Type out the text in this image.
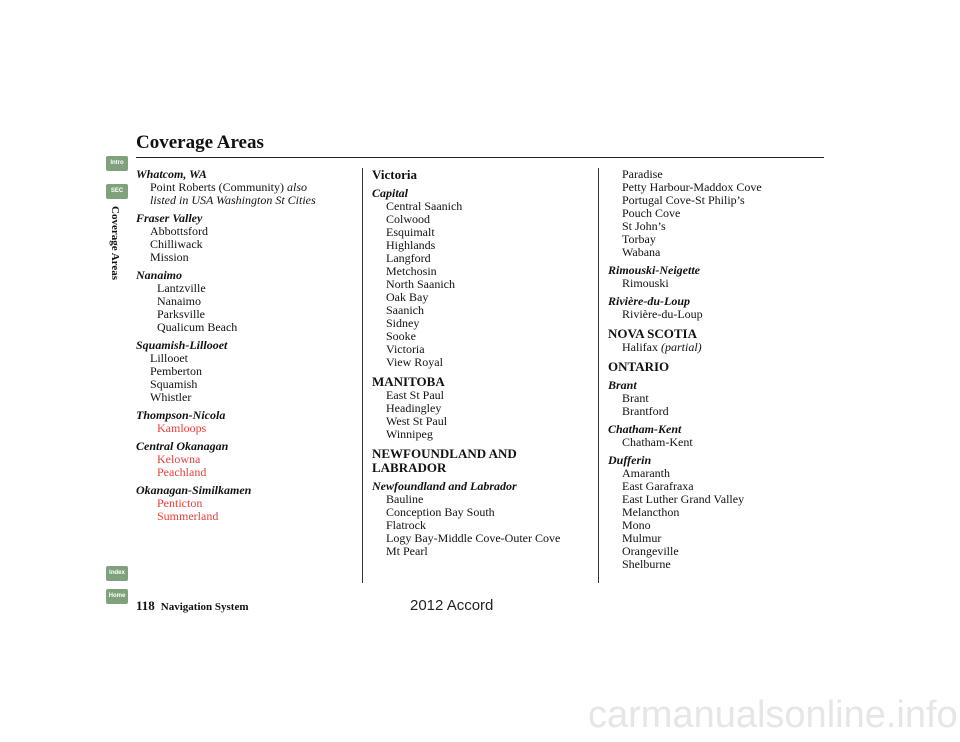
Coverage Areas
Intro
SEC
Coverage Areas
Index
Home
Whatcom, WA
Point Roberts (Community) also
listed in USA Washington St Cities
Fraser Valley
Abbottsford
Chilliwack
Mission
Nanaimo
Lantzville
Nanaimo
Parksville
Qualicum Beach
Squamish-Lillooet
Lillooet
Pemberton
Squamish
Whistler
Thompson-Nicola
Kamloops
Central Okanagan
Kelowna
Peachland
Okanagan-Similkamen
Penticton
Summerland
Victoria
Capital
Central Saanich
Colwood
Esquimalt
Highlands
Langford
Metchosin
North Saanich
Oak Bay
Saanich
Sidney
Sooke
Victoria
View Royal
MANITOBA
East St Paul
Headingley
West St Paul
Winnipeg
NEWFOUNDLAND AND
LABRADOR
Newfoundland and Labrador
Bauline
Conception Bay South
Flatrock
Logy Bay-Middle Cove-Outer Cove
Mt Pearl
Paradise
Petty Harbour-Maddox Cove
Portugal Cove-St Philip’s
Pouch Cove
St John’s
Torbay
Wabana
Rimouski-Neigette
Rimouski
Rivière-du-Loup
Rivière-du-Loup
NOVA SCOTIA
Halifax (partial)
ONTARIO
Brant
Brant
Brantford
Chatham-Kent
Chatham-Kent
Dufferin
Amaranth
East Garafraxa
East Luther Grand Valley
Melancthon
Mono
Mulmur
Orangeville
Shelburne
118 Navigation System	2012 Accord
carmanualsonline.info
